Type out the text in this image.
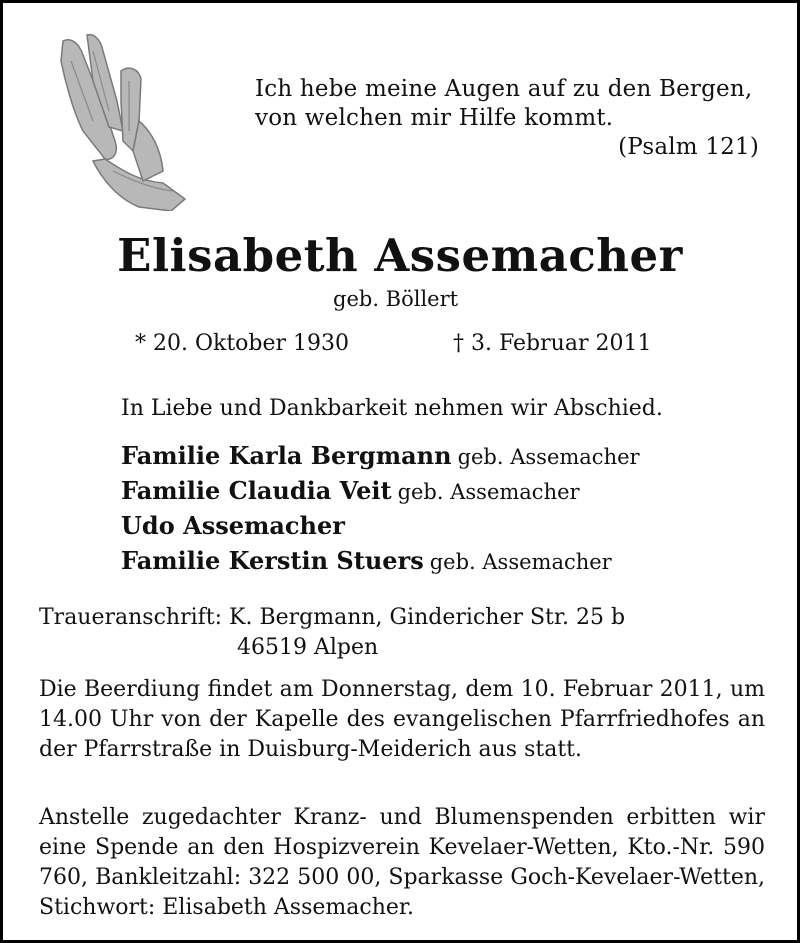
Ich hebe meine Augen auf zu den Bergen,
von welchen mir Hilfe kommt.
(Psalm 121)
Elisabeth Assemacher
geb. Böllert
* 20. Oktober 1930	† 3. Februar 2011
In Liebe und Dankbarkeit nehmen wir Abschied.
Familie Karla Bergmann geb. Assemacher
Familie Claudia Veit geb. Assemacher
Udo Assemacher
Familie Kerstin Stuers geb. Assemacher
Traueranschrift: K. Bergmann, Gindericher Str. 25 b
46519 Alpen
Die Beerdiung findet am Donnerstag, dem 10. Februar 2011, um 14.00 Uhr von der Kapelle des evangelischen Pfarrfriedhofes an der Pfarrstraße in Duisburg-Meiderich aus statt.
Anstelle zugedachter Kranz- und Blumenspenden erbitten wir eine Spende an den Hospizverein Kevelaer-Wetten, Kto.-Nr. 590 760, Bankleitzahl: 322 500 00, Sparkasse Goch-Kevelaer-Wetten, Stichwort: Elisabeth Assemacher.
